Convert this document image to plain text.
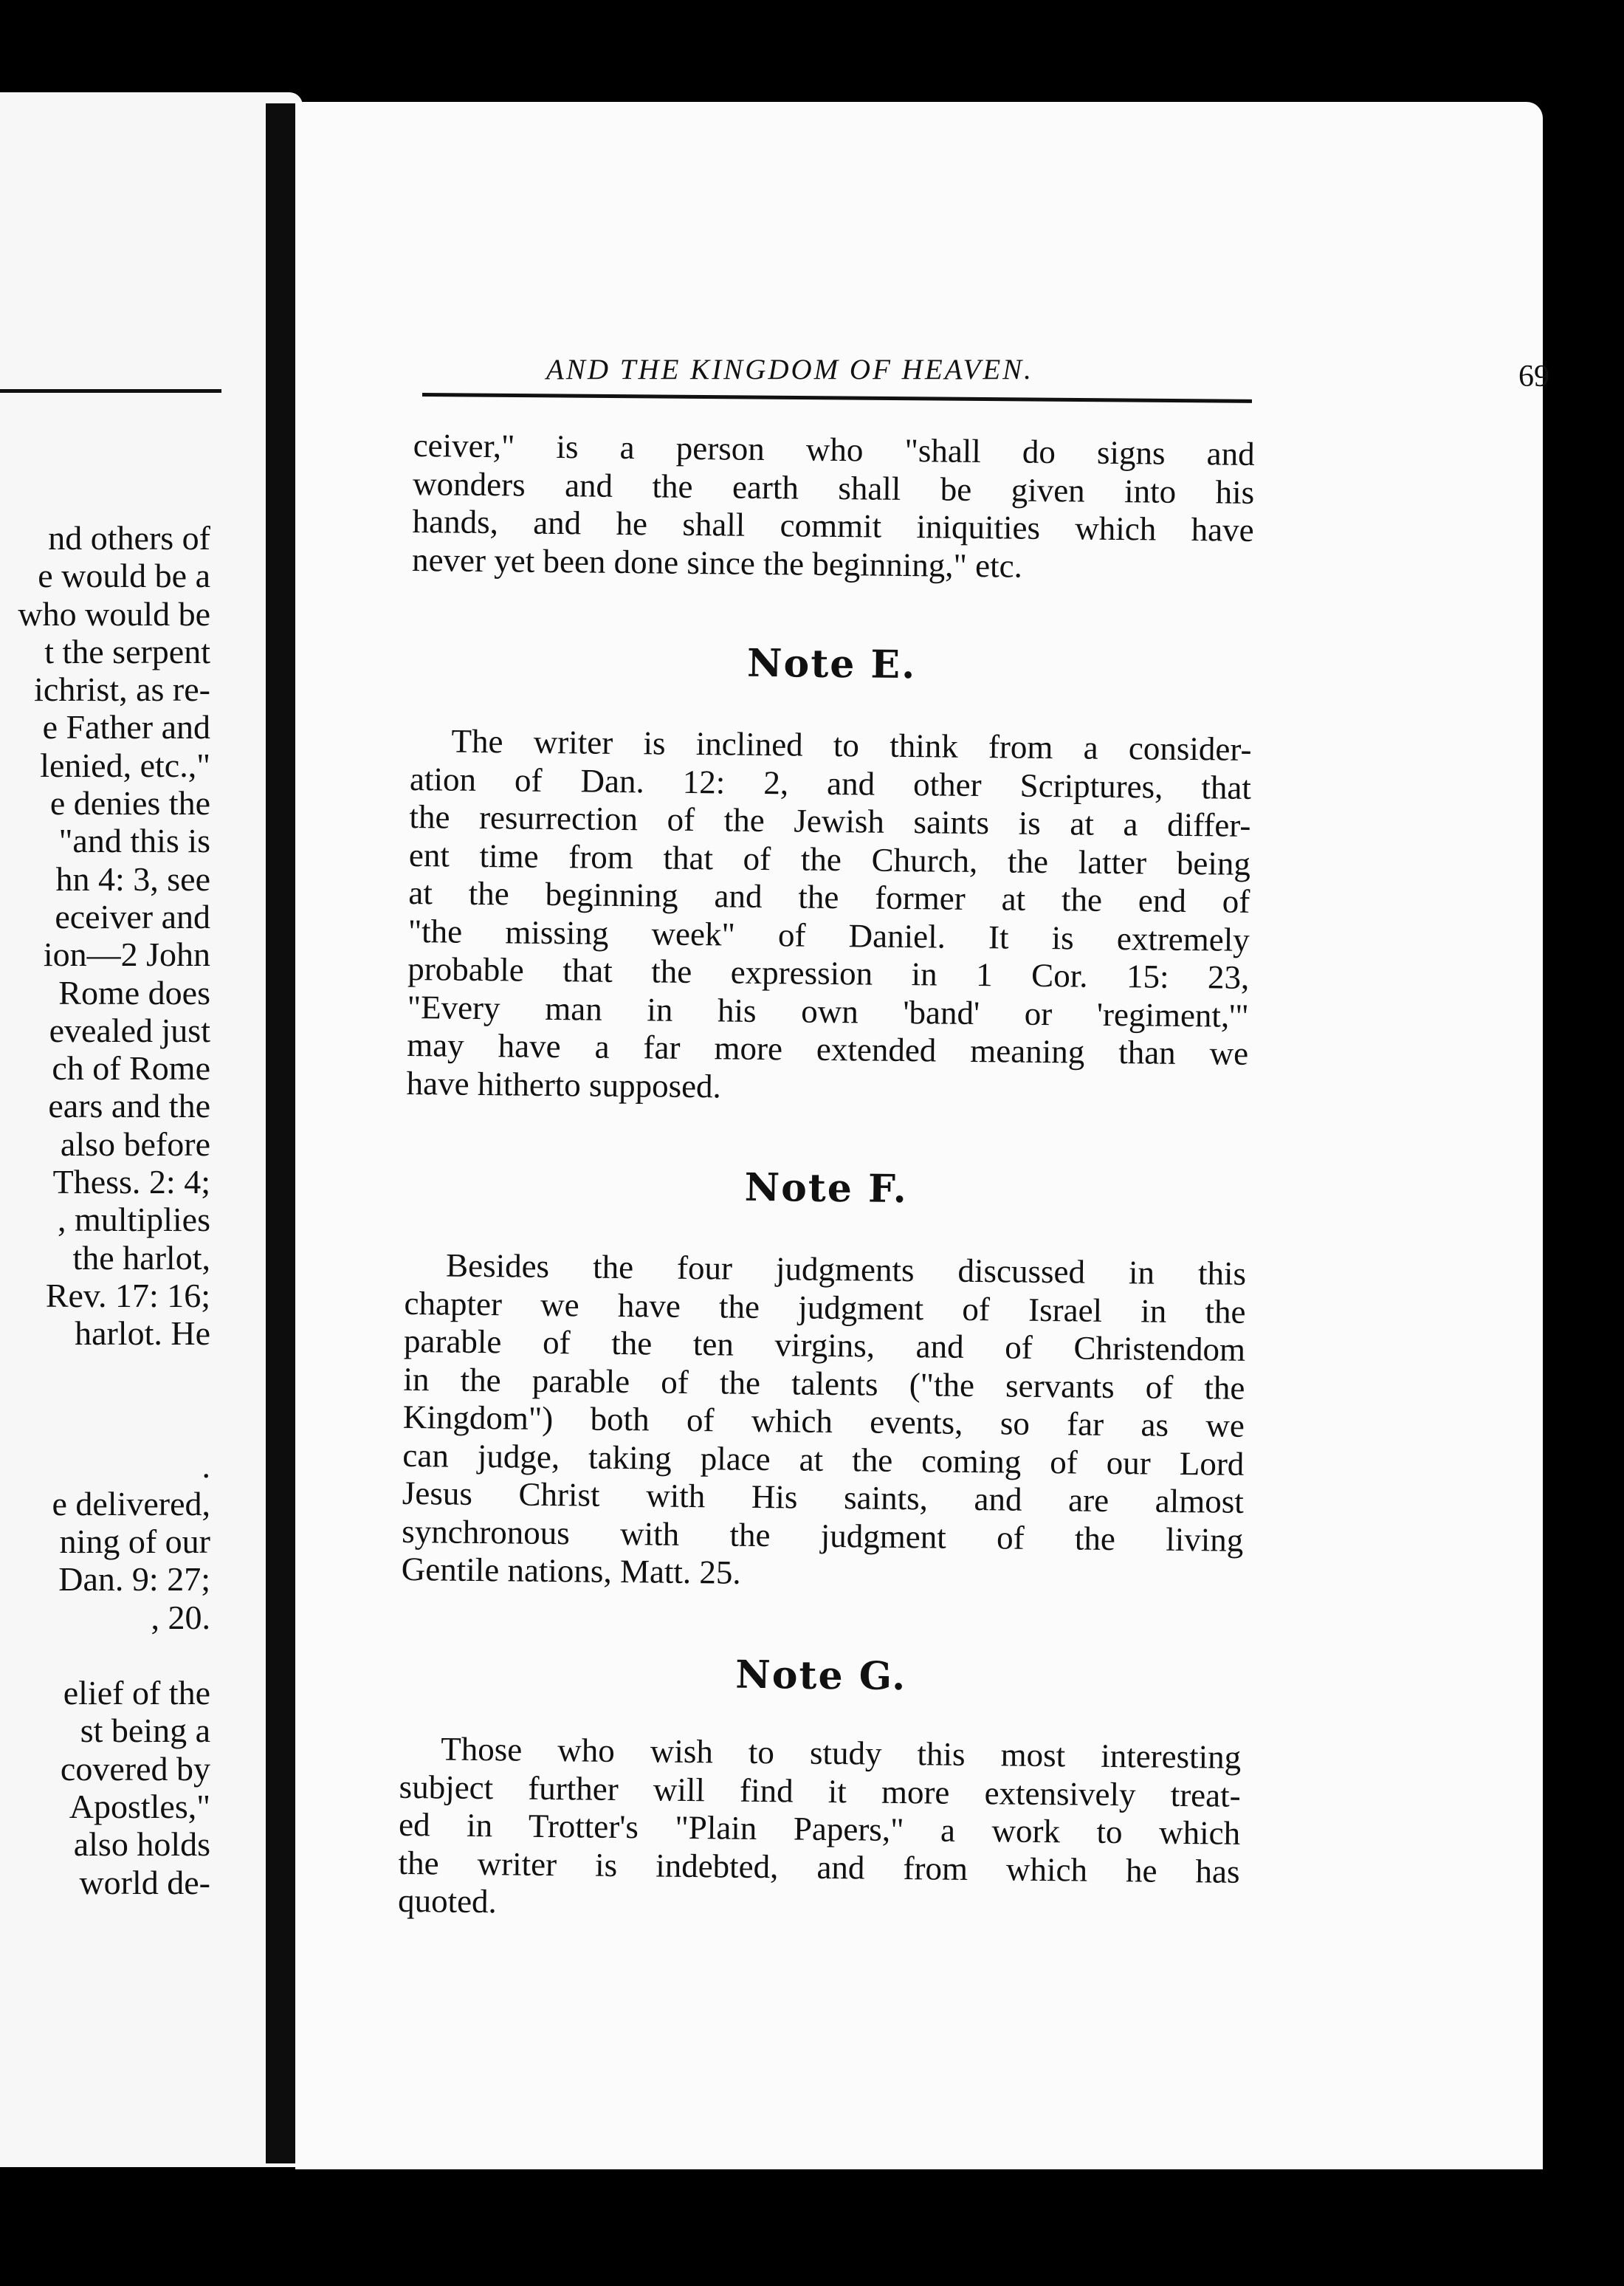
nd others of
e would be a
who would be
t the serpent
ichrist, as re-
e Father and
lenied, etc.,"
e denies the
"and this is
hn 4: 3, see
eceiver and
ion—2 John
Rome does
evealed just
ch of Rome
ears and the
also before
Thess. 2: 4;
, multiplies
the harlot,
Rev. 17: 16;
harlot. He
.
e delivered,
ning of our
Dan. 9: 27;
, 20.
elief of the
st being a
covered by
Apostles,"
also holds
world de-
AND THE KINGDOM OF HEAVEN.	69
ceiver," is a person who "shall do signs and
wonders and the earth shall be given into his
hands, and he shall commit iniquities which have
never yet been done since the beginning," etc.
Note E.
The writer is inclined to think from a consider-
ation of Dan. 12: 2, and other Scriptures, that
the resurrection of the Jewish saints is at a differ-
ent time from that of the Church, the latter being
at the beginning and the former at the end of
"the missing week" of Daniel. It is extremely
probable that the expression in 1 Cor. 15: 23,
"Every man in his own 'band' or 'regiment,'"
may have a far more extended meaning than we
have hitherto supposed.
Note F.
Besides the four judgments discussed in this
chapter we have the judgment of Israel in the
parable of the ten virgins, and of Christendom
in the parable of the talents ("the servants of the
Kingdom") both of which events, so far as we
can judge, taking place at the coming of our Lord
Jesus Christ with His saints, and are almost
synchronous with the judgment of the living
Gentile nations, Matt. 25.
Note G.
Those who wish to study this most interesting
subject further will find it more extensively treat-
ed in Trotter's "Plain Papers," a work to which
the writer is indebted, and from which he has
quoted.
